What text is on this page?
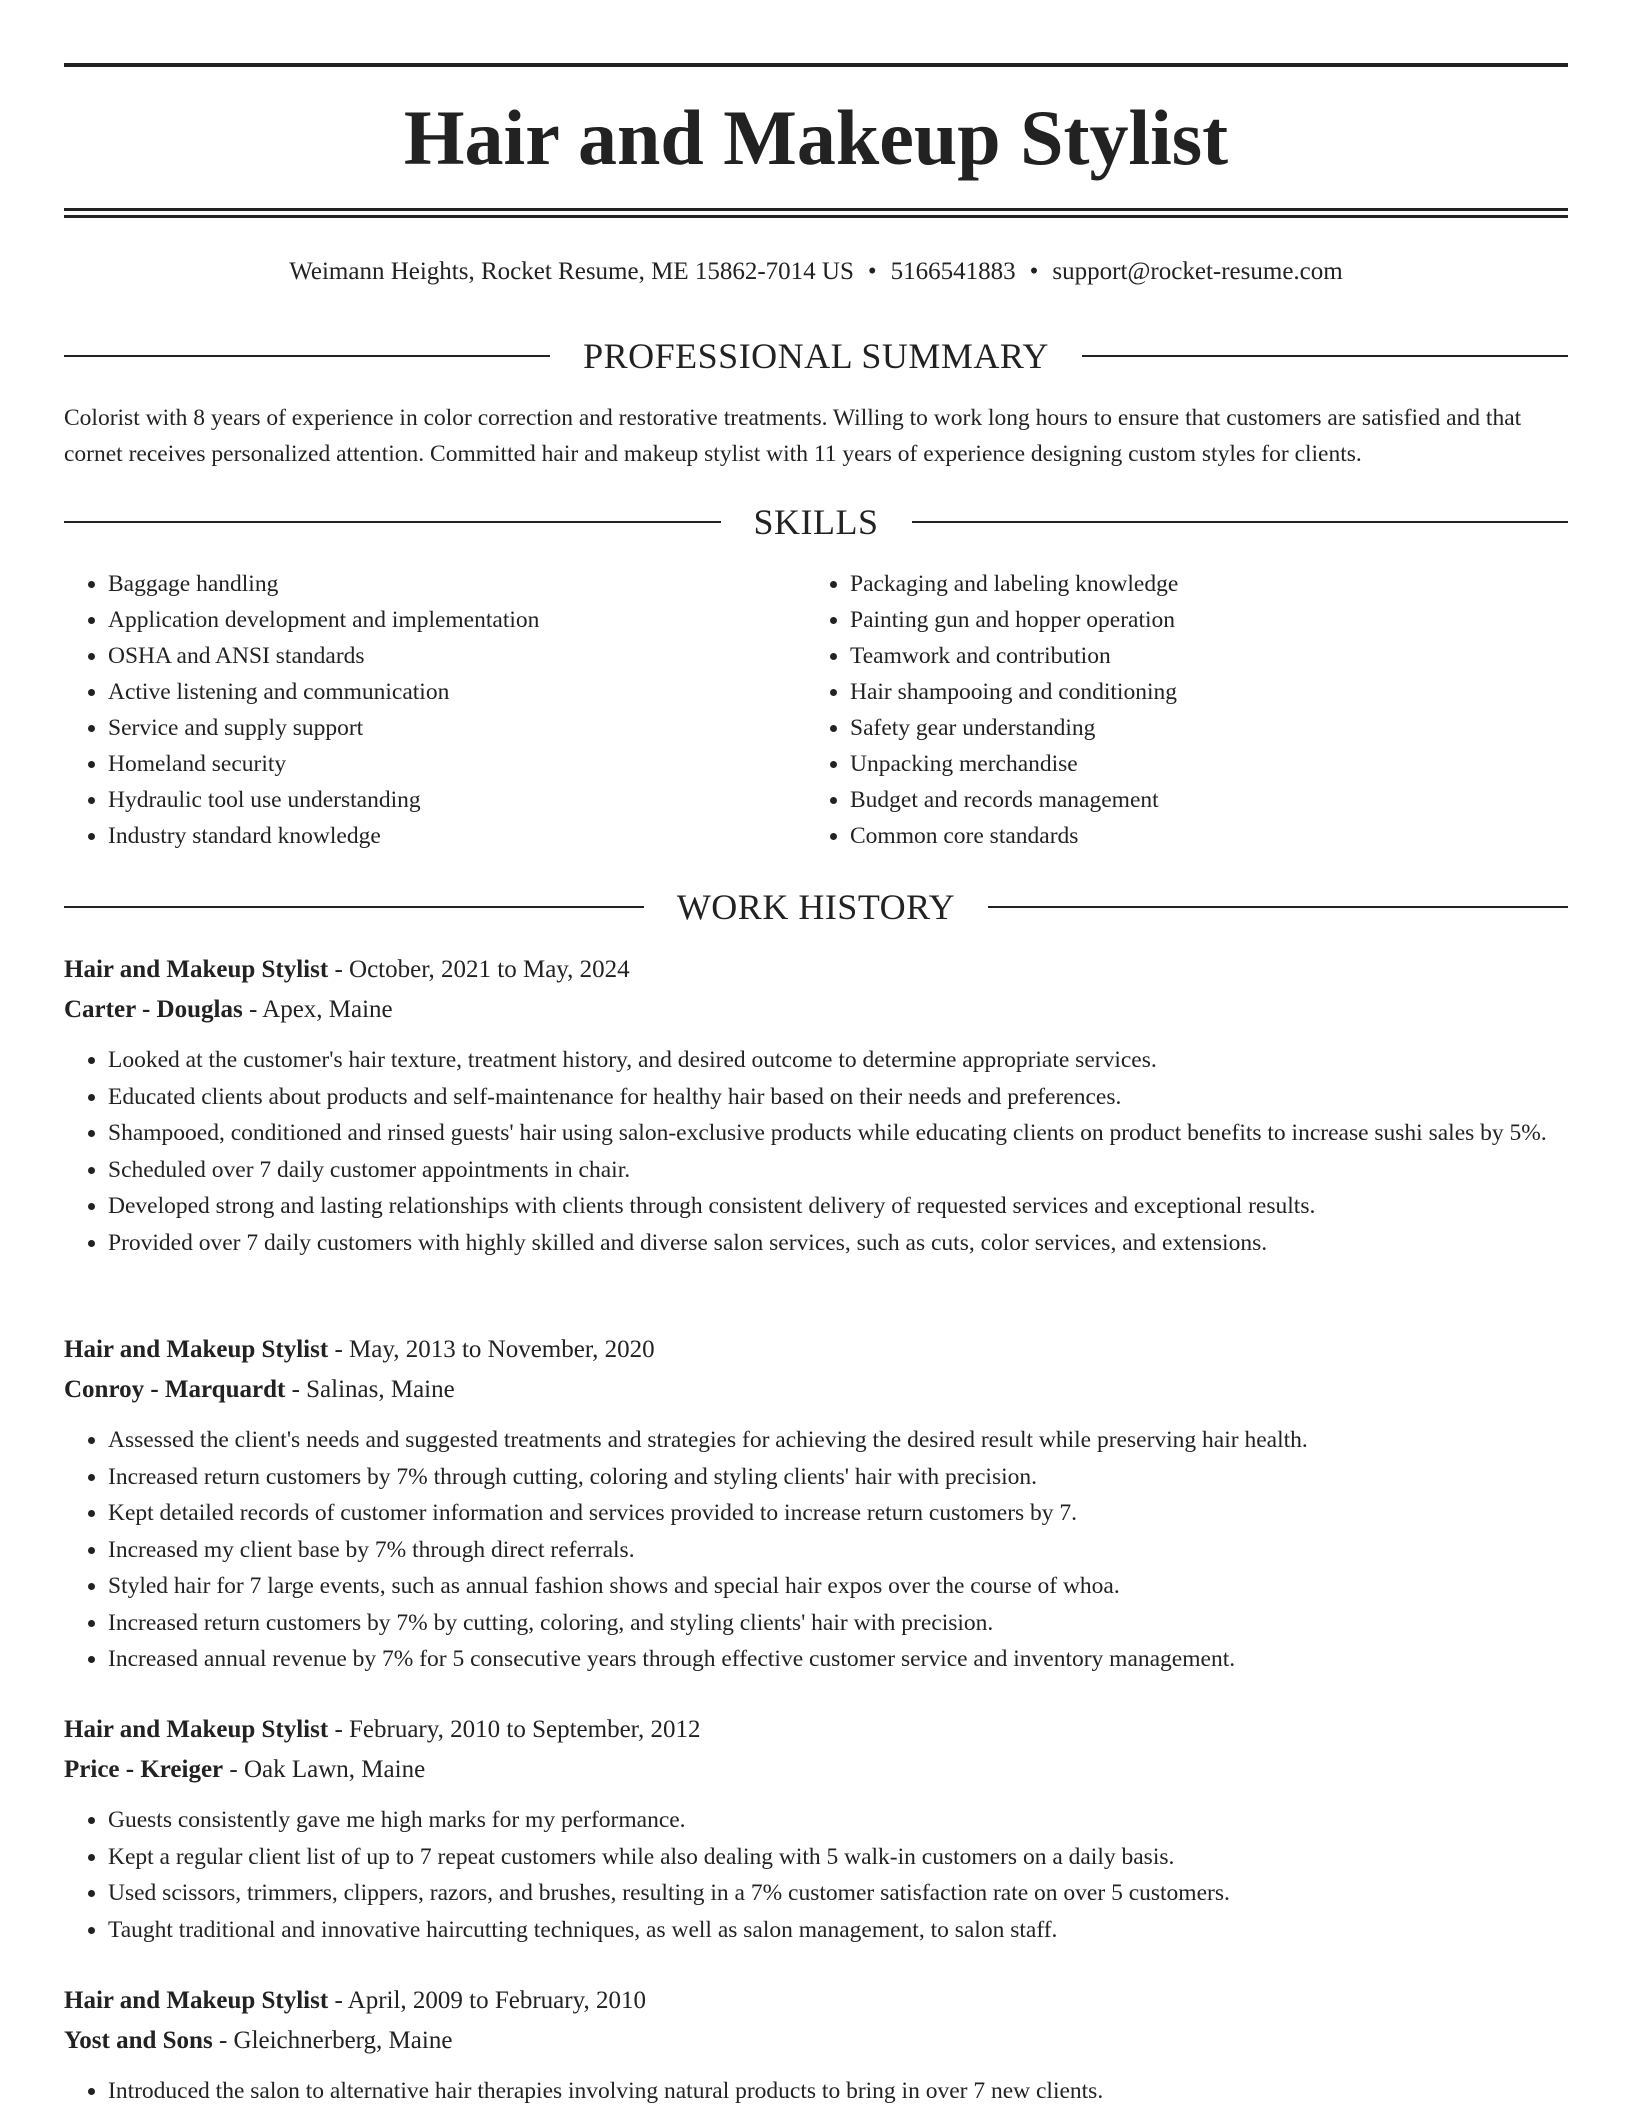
Hair and Makeup Stylist
Weimann Heights, Rocket Resume, ME 15862-7014 US • 5166541883 • support@rocket-resume.com
PROFESSIONAL SUMMARY

Colorist with 8 years of experience in color correction and restorative treatments. Willing to work long hours to ensure that customers are satisfied and that cornet receives personalized attention. Committed hair and makeup stylist with 11 years of experience designing custom styles for clients.

SKILLS
• Baggage handling
• Application development and implementation
• OSHA and ANSI standards
• Active listening and communication
• Service and supply support
• Homeland security
• Hydraulic tool use understanding
• Industry standard knowledge
• Packaging and labeling knowledge
• Painting gun and hopper operation
• Teamwork and contribution
• Hair shampooing and conditioning
• Safety gear understanding
• Unpacking merchandise
• Budget and records management
• Common core standards
WORK HISTORY
Hair and Makeup Stylist - October, 2021 to May, 2024
Carter - Douglas - Apex, Maine
• Looked at the customer's hair texture, treatment history, and desired outcome to determine appropriate services.
• Educated clients about products and self-maintenance for healthy hair based on their needs and preferences.
• Shampooed, conditioned and rinsed guests' hair using salon-exclusive products while educating clients on product benefits to increase sushi sales by 5%.
• Scheduled over 7 daily customer appointments in chair.
• Developed strong and lasting relationships with clients through consistent delivery of requested services and exceptional results.
• Provided over 7 daily customers with highly skilled and diverse salon services, such as cuts, color services, and extensions.
Hair and Makeup Stylist - May, 2013 to November, 2020
Conroy - Marquardt - Salinas, Maine
• Assessed the client's needs and suggested treatments and strategies for achieving the desired result while preserving hair health.
• Increased return customers by 7% through cutting, coloring and styling clients' hair with precision.
• Kept detailed records of customer information and services provided to increase return customers by 7.
• Increased my client base by 7% through direct referrals.
• Styled hair for 7 large events, such as annual fashion shows and special hair expos over the course of whoa.
• Increased return customers by 7% by cutting, coloring, and styling clients' hair with precision.
• Increased annual revenue by 7% for 5 consecutive years through effective customer service and inventory management.
Hair and Makeup Stylist - February, 2010 to September, 2012
Price - Kreiger - Oak Lawn, Maine
• Guests consistently gave me high marks for my performance.
• Kept a regular client list of up to 7 repeat customers while also dealing with 5 walk-in customers on a daily basis.
• Used scissors, trimmers, clippers, razors, and brushes, resulting in a 7% customer satisfaction rate on over 5 customers.
• Taught traditional and innovative haircutting techniques, as well as salon management, to salon staff.
Hair and Makeup Stylist - April, 2009 to February, 2010
Yost and Sons - Gleichnerberg, Maine
• Introduced the salon to alternative hair therapies involving natural products to bring in over 7 new clients.
